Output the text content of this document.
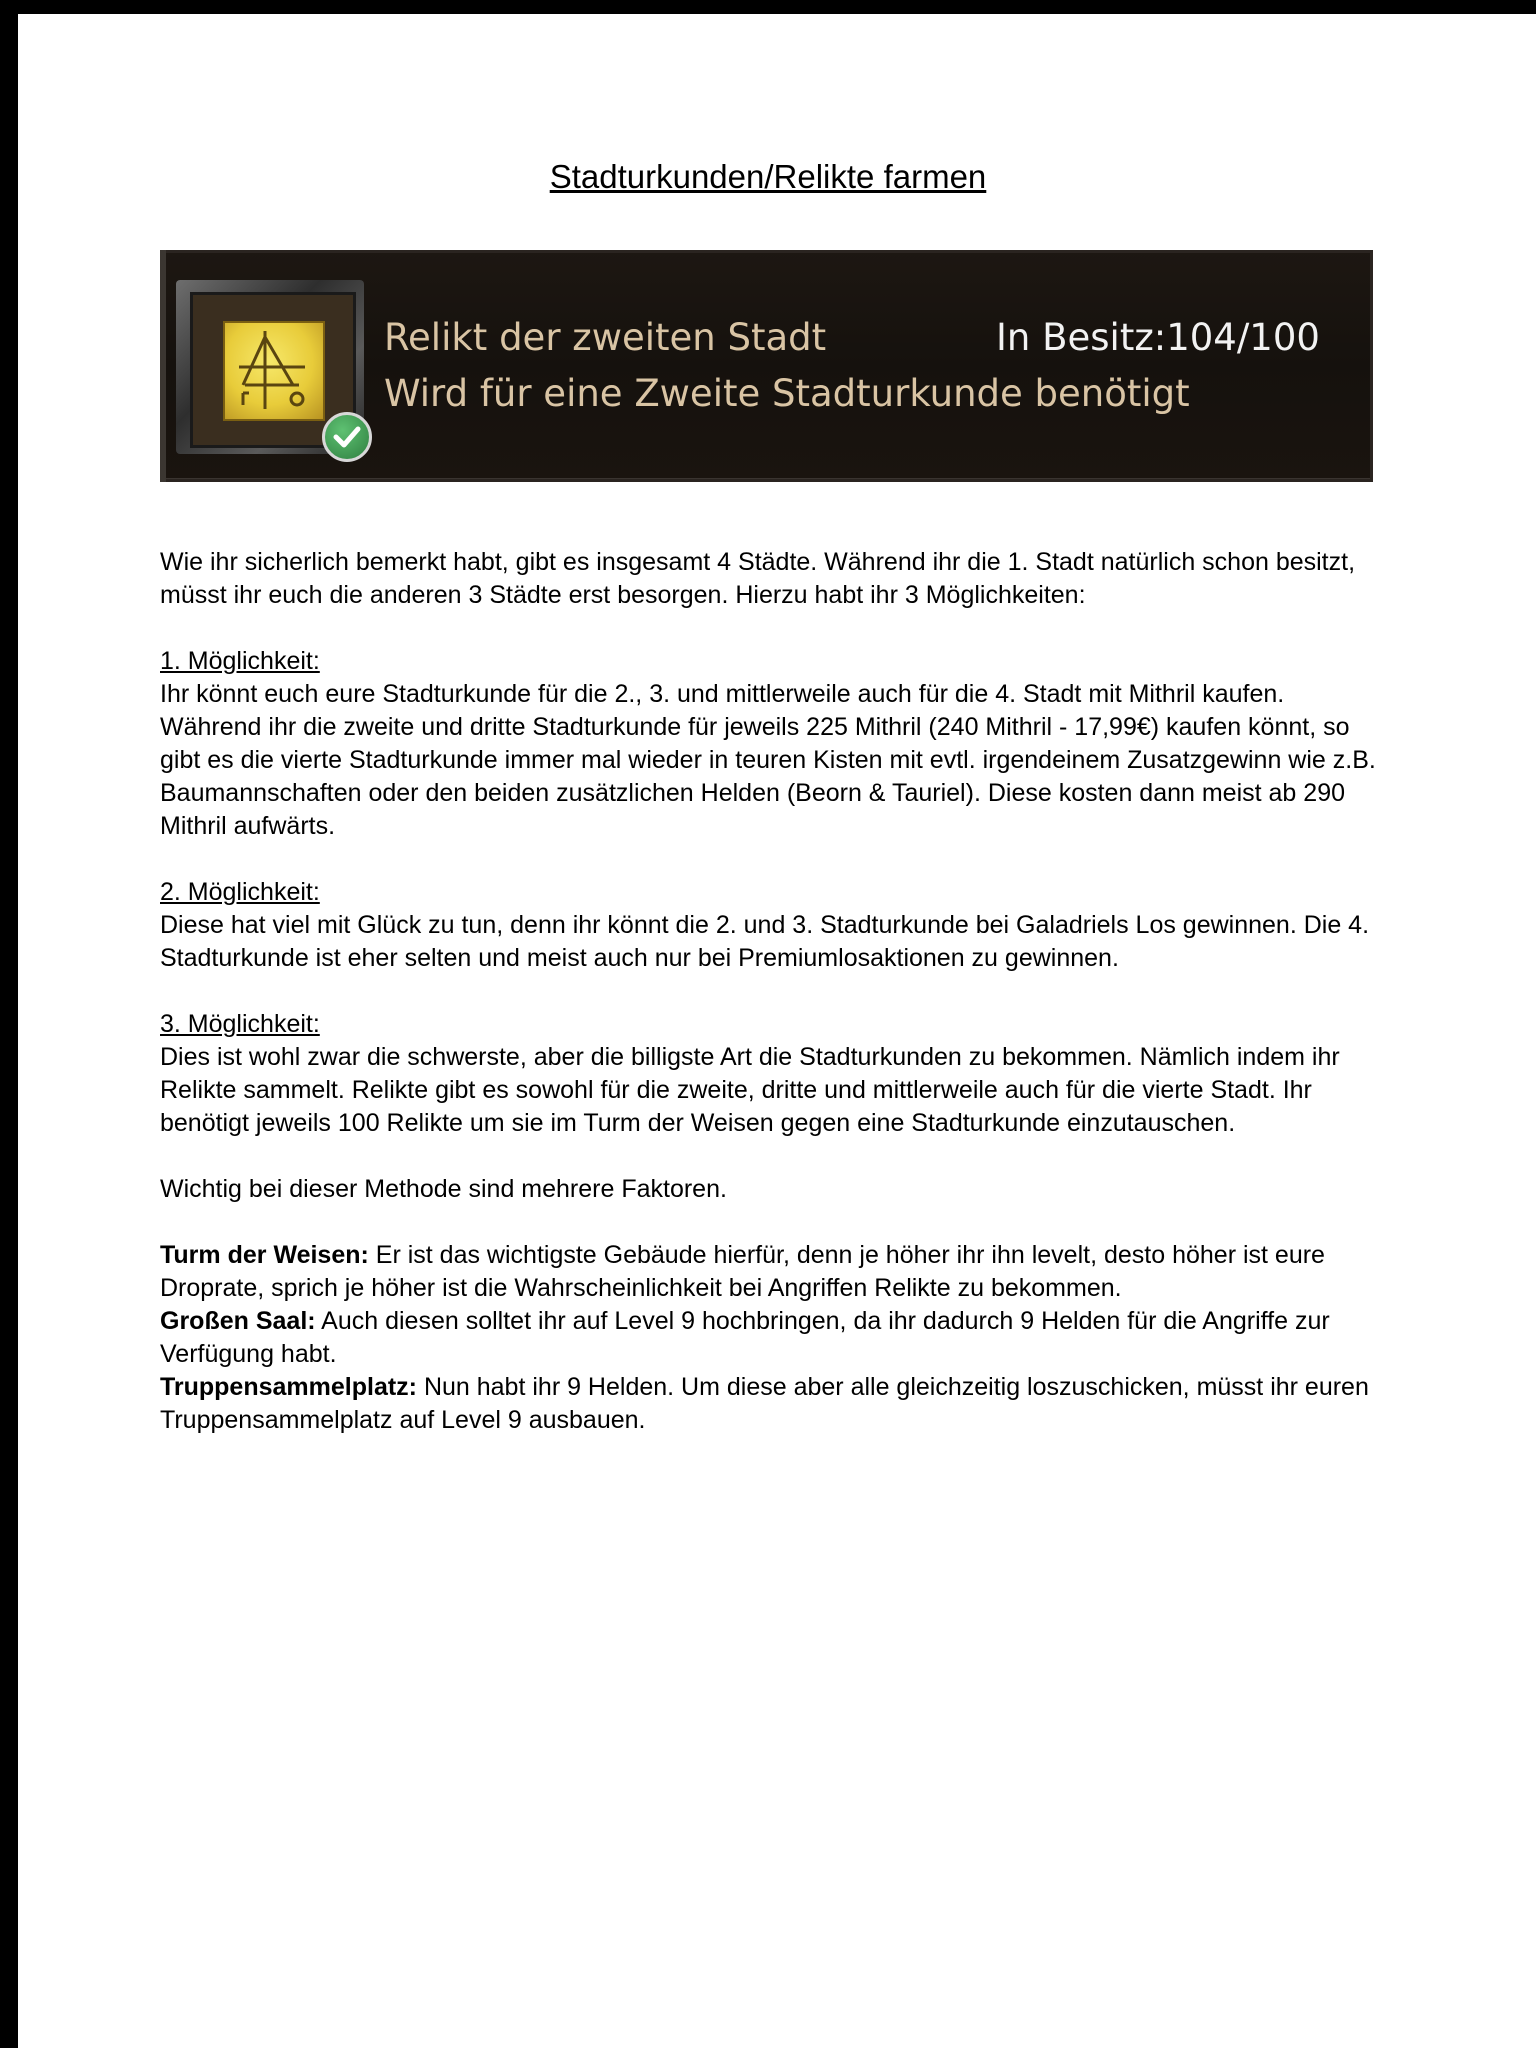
Stadturkunden/Relikte farmen
Relikt der zweiten Stadt	In Besitz:104/100
Wird für eine Zweite Stadturkunde benötigt

Wie ihr sicherlich bemerkt habt, gibt es insgesamt 4 Städte. Während ihr die 1. Stadt natürlich schon besitzt, müsst ihr euch die anderen 3 Städte erst besorgen. Hierzu habt ihr 3 Möglichkeiten:

1. Möglichkeit:
Ihr könnt euch eure Stadturkunde für die 2., 3. und mittlerweile auch für die 4. Stadt mit Mithril kaufen.
Während ihr die zweite und dritte Stadturkunde für jeweils 225 Mithril (240 Mithril - 17,99€) kaufen könnt, so gibt es die vierte Stadturkunde immer mal wieder in teuren Kisten mit evtl. irgendeinem Zusatzgewinn wie z.B. Baumannschaften oder den beiden zusätzlichen Helden (Beorn & Tauriel). Diese kosten dann meist ab 290 Mithril aufwärts.

2. Möglichkeit:
Diese hat viel mit Glück zu tun, denn ihr könnt die 2. und 3. Stadturkunde bei Galadriels Los gewinnen. Die 4. Stadturkunde ist eher selten und meist auch nur bei Premiumlosaktionen zu gewinnen.

3. Möglichkeit:
Dies ist wohl zwar die schwerste, aber die billigste Art die Stadturkunden zu bekommen. Nämlich indem ihr Relikte sammelt. Relikte gibt es sowohl für die zweite, dritte und mittlerweile auch für die vierte Stadt. Ihr benötigt jeweils 100 Relikte um sie im Turm der Weisen gegen eine Stadturkunde einzutauschen.

Wichtig bei dieser Methode sind mehrere Faktoren.

Turm der Weisen: Er ist das wichtigste Gebäude hierfür, denn je höher ihr ihn levelt, desto höher ist eure Droprate, sprich je höher ist die Wahrscheinlichkeit bei Angriffen Relikte zu bekommen.
Großen Saal: Auch diesen solltet ihr auf Level 9 hochbringen, da ihr dadurch 9 Helden für die Angriffe zur Verfügung habt.
Truppensammelplatz: Nun habt ihr 9 Helden. Um diese aber alle gleichzeitig loszuschicken, müsst ihr euren Truppensammelplatz auf Level 9 ausbauen.
